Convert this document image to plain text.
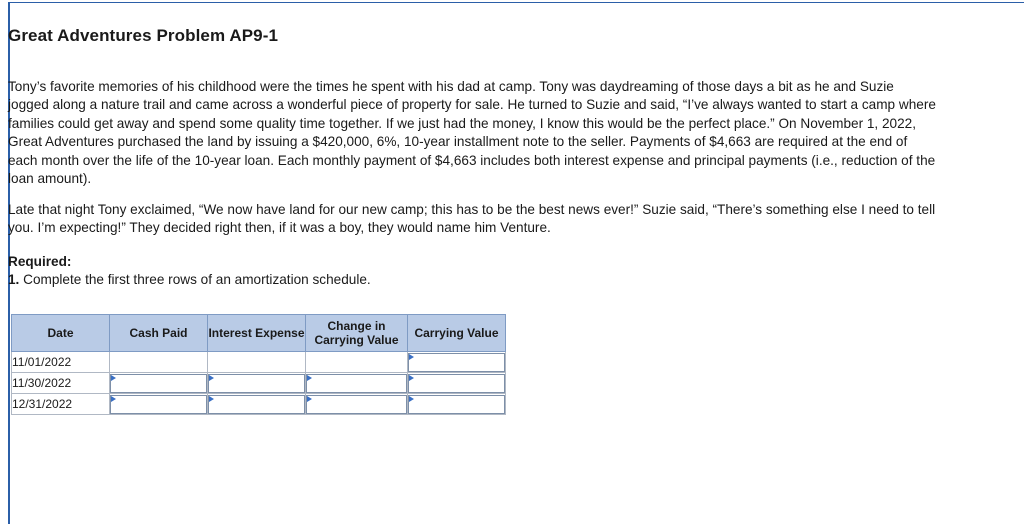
Great Adventures Problem AP9-1

Tony’s favorite memories of his childhood were the times he spent with his dad at camp. Tony was daydreaming of those days a bit as he and Suzie jogged along a nature trail and came across a wonderful piece of property for sale. He turned to Suzie and said, “I’ve always wanted to start a camp where families could get away and spend some quality time together. If we just had the money, I know this would be the perfect place.” On November 1, 2022, Great Adventures purchased the land by issuing a $420,000, 6%, 10-year installment note to the seller. Payments of $4,663 are required at the end of each month over the life of the 10-year loan. Each monthly payment of $4,663 includes both interest expense and principal payments (i.e., reduction of the loan amount).

Late that night Tony exclaimed, “We now have land for our new camp; this has to be the best news ever!” Suzie said, “There’s something else I need to tell you. I’m expecting!” They decided right then, if it was a boy, they would name him Venture.

Required:
1. Complete the first three rows of an amortization schedule.
Date	Cash Paid	Interest Expense	Change in Carrying Value	Carrying Value
11/01/2022				

11/30/2022	

12/31/2022	
